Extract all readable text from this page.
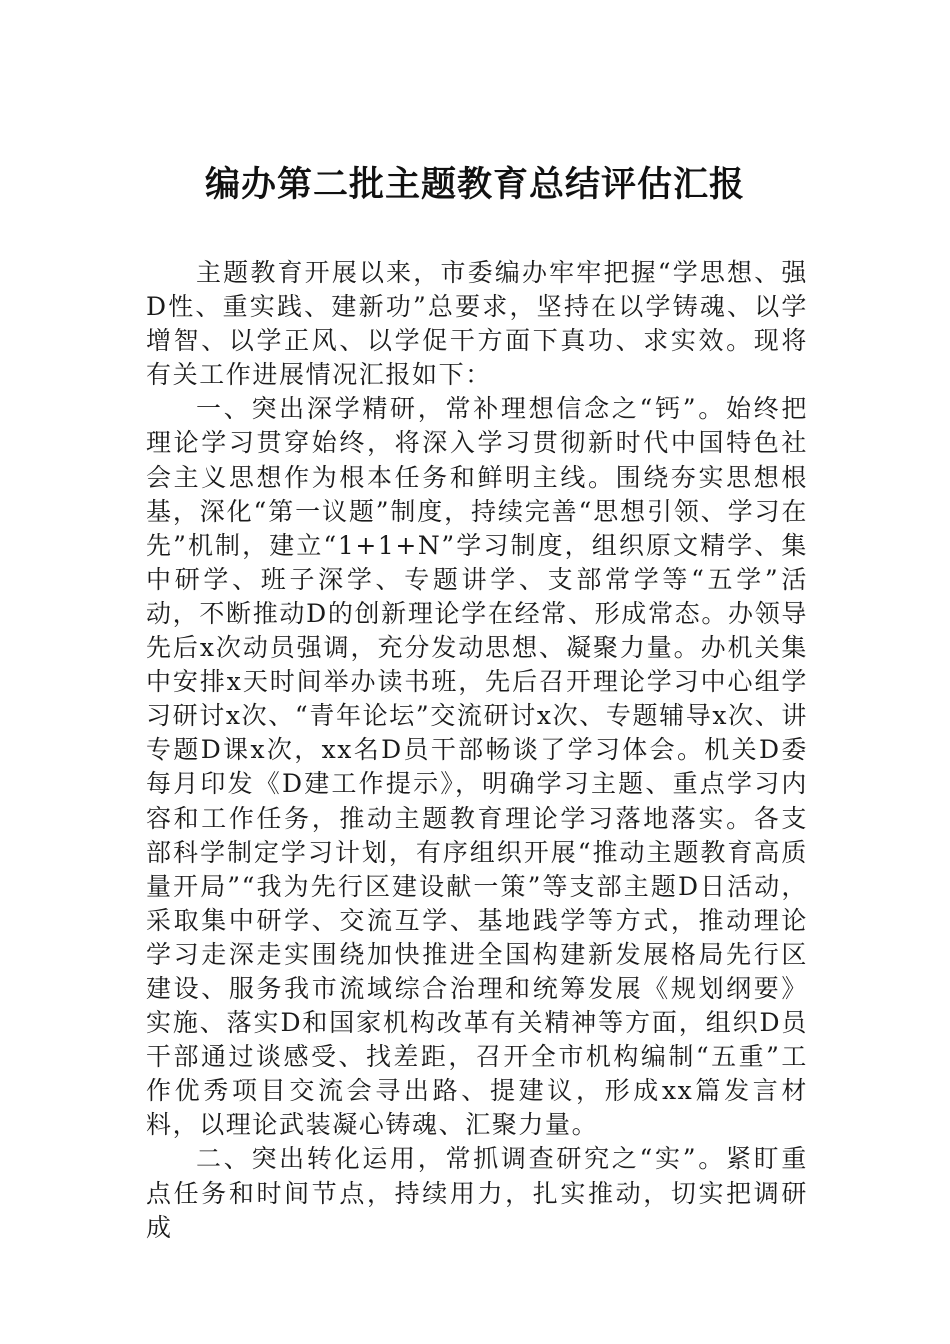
编办第二批主题教育总结评估汇报

主题教育开展以来，市委编办牢牢把握“学思想、强D性、重实践、建新功”总要求，坚持在以学铸魂、以学增智、以学正风、以学促干方面下真功、求实效。现将有关工作进展情况汇报如下：

一、突出深学精研，常补理想信念之“钙”。始终把理论学习贯穿始终，将深入学习贯彻新时代中国特色社会主义思想作为根本任务和鲜明主线。围绕夯实思想根基，深化“第一议题”制度，持续完善“思想引领、学习在先”机制，建立“1+1+N”学习制度，组织原文精学、集中研学、班子深学、专题讲学、支部常学等“五学”活动，不断推动D的创新理论学在经常、形成常态。办领导先后x次动员强调，充分发动思想、凝聚力量。办机关集中安排x天时间举办读书班，先后召开理论学习中心组学习研讨x次、“青年论坛”交流研讨x次、专题辅导x次、讲专题D课x次，xx名D员干部畅谈了学习体会。机关D委每月印发《D建工作提示》，明确学习主题、重点学习内容和工作任务，推动主题教育理论学习落地落实。各支部科学制定学习计划，有序组织开展“推动主题教育高质量开局”“我为先行区建设献一策”等支部主题D日活动，采取集中研学、交流互学、基地践学等方式，推动理论学习走深走实围绕加快推进全国构建新发展格局先行区建设、服务我市流域综合治理和统筹发展《规划纲要》实施、落实D和国家机构改革有关精神等方面，组织D员干部通过谈感受、找差距，召开全市机构编制“五重”工作优秀项目交流会寻出路、提建议，形成xx篇发言材料，以理论武装凝心铸魂、汇聚力量。

二、突出转化运用，常抓调查研究之“实”。紧盯重点任务和时间节点，持续用力，扎实推动，切实把调研成
